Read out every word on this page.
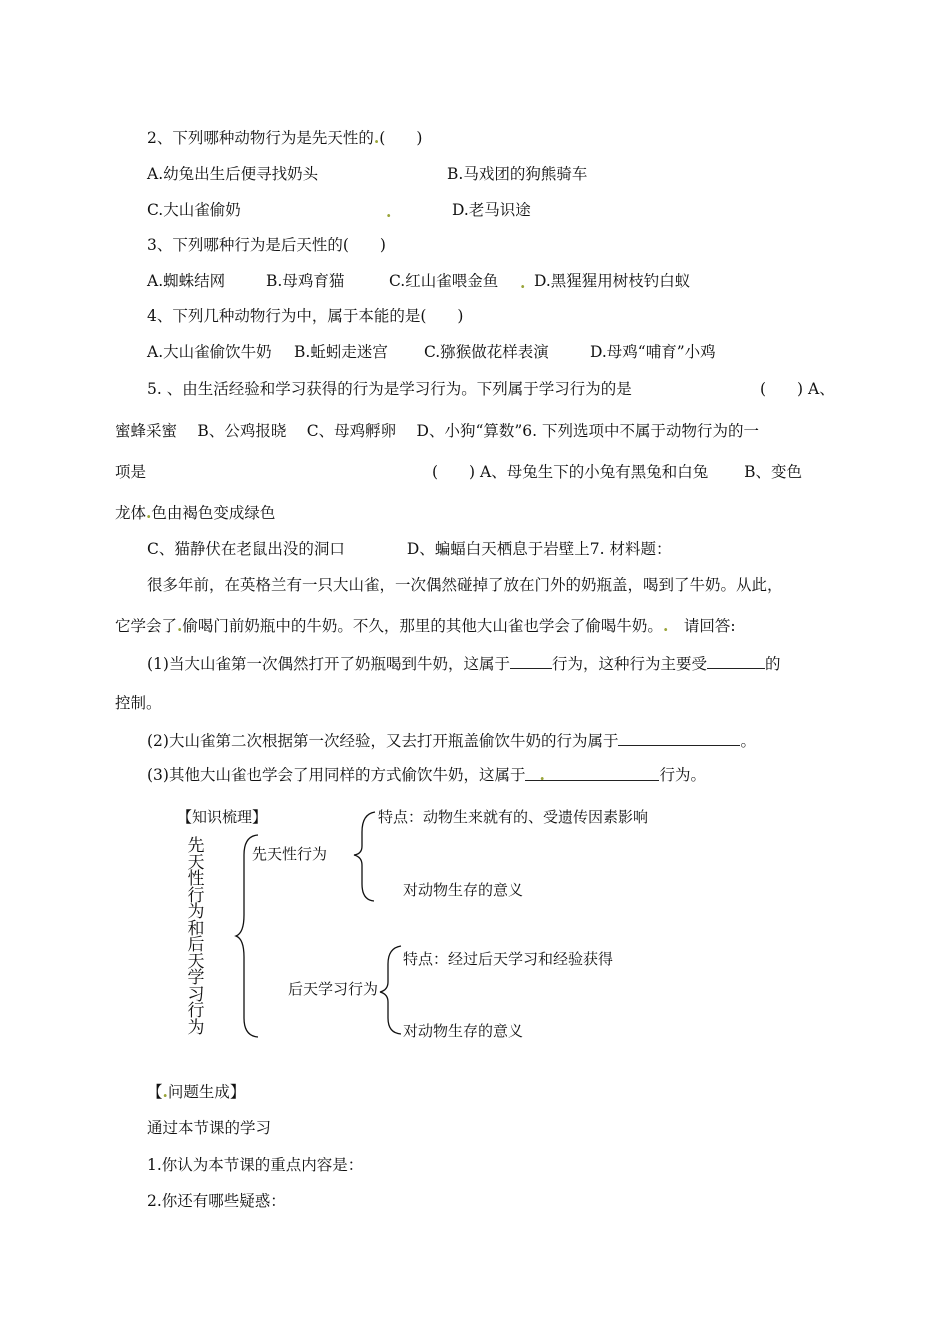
2、下列哪种动物行为是先天性的.(　　)
A.幼兔出生后便寻找奶头	B.马戏团的狗熊骑车
C.大山雀偷奶	.	D.老马识途
3、下列哪种行为是后天性的(　　)
A.蜘蛛结网	B.母鸡育猫	C.红山雀喂金鱼 . D.黑猩猩用树枝钓白蚁
4、下列几种动物行为中，属于本能的是(　　)
A.大山雀偷饮牛奶 B.蚯蚓走迷宫 C.猕猴做花样表演	D.母鸡“哺育”小鸡
5. 、由生活经验和学习获得的行为是学习行为。下列属于学习行为的是	(　　) A、
蜜蜂采蜜　 B、公鸡报晓　 C、母鸡孵卵　 D、小狗“算数”6. 下列选项中不属于动物行为的一
项是	(　　) A、母兔生下的小兔有黑兔和白兔　　 B、变色
龙体.色由褐色变成绿色
C、猫静伏在老鼠出没的洞口　　　　D、蝙蝠白天栖息于岩壁上7. 材料题：
很多年前，在英格兰有一只大山雀，一次偶然碰掉了放在门外的奶瓶盖，喝到了牛奶。从此，
它学会了.偷喝门前奶瓶中的牛奶。不久，那里的其他大山雀也学会了偷喝牛奶。.　 请回答:
(1)当大山雀第一次偶然打开了奶瓶喝到牛奶，这属于	行为，这种行为主要受	的
控制。
(2)大山雀第二次根据第一次经验，又去打开瓶盖偷饮牛奶的行为属于	。
(3)其他大山雀也学会了用同样的方式偷饮牛奶，这属于 .	行为。
【知识梳理】
先天性行为和后天学习行为
先天性行为
特点：动物生来就有的、受遗传因素影响
对动物生存的意义
后天学习行为
特点：经过后天学习和经验获得
对动物生存的意义
【.问题生成】
通过本节课的学习
1.你认为本节课的重点内容是：
2.你还有哪些疑惑：
